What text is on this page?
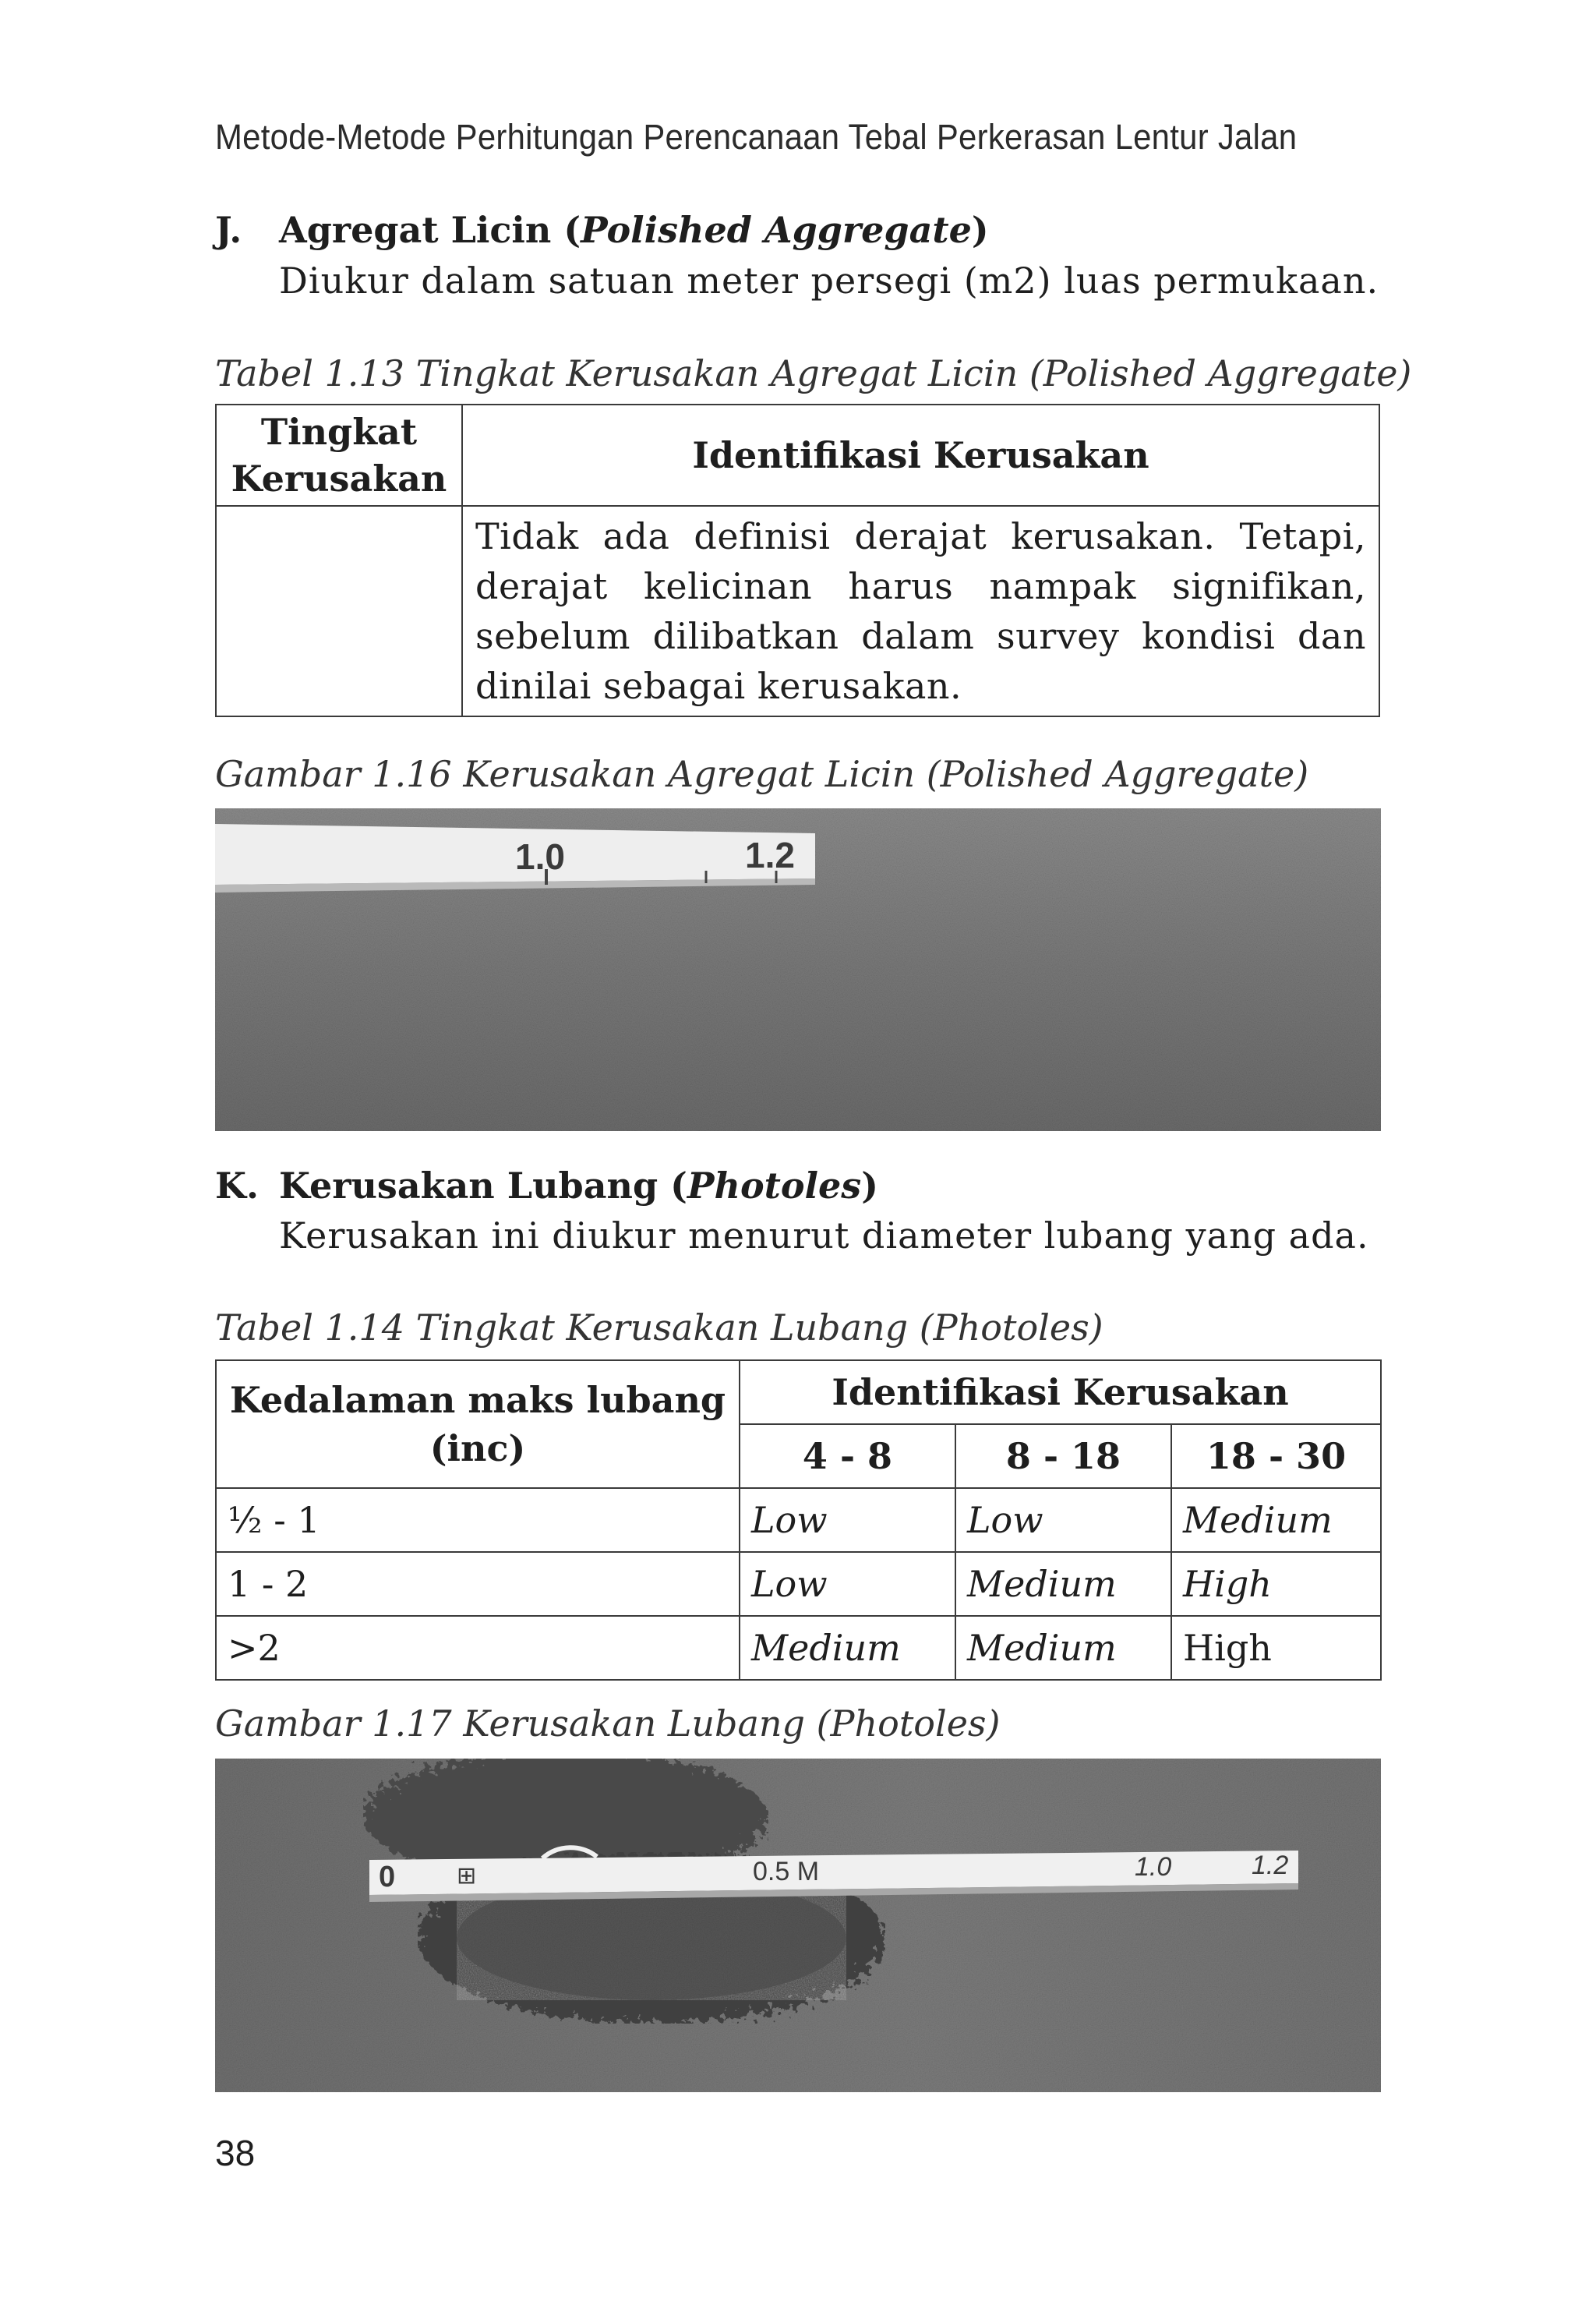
Metode-Metode Perhitungan Perencanaan Tebal Perkerasan Lentur Jalan
J. Agregat Licin (Polished Aggregate)
Diukur dalam satuan meter persegi (m2) luas permukaan.
Tabel 1.13 Tingkat Kerusakan Agregat Licin (Polished Aggregate)
Tingkat
Kerusakan	Identifikasi Kerusakan
	Tidak ada definisi derajat kerusakan. Tetapi, derajat kelicinan harus nampak signifikan, sebelum dilibatkan dalam survey kondisi dan dinilai sebagai kerusakan.
Gambar 1.16 Kerusakan Agregat Licin (Polished Aggregate)
1.0	1.2
K. Kerusakan Lubang (Photoles)
Kerusakan ini diukur menurut diameter lubang yang ada.
Tabel 1.14 Tingkat Kerusakan Lubang (Photoles)
Kedalaman maks lubang
(inc)	Identifikasi Kerusakan		
	4 - 8	8 - 18	18 - 30
½ - 1	Low	Low	Medium
1 - 2	Low	Medium	High
>2	Medium	Medium	High
Gambar 1.17 Kerusakan Lubang (Photoles)
0	⊞	0.5 M	1.0	1.2
38
